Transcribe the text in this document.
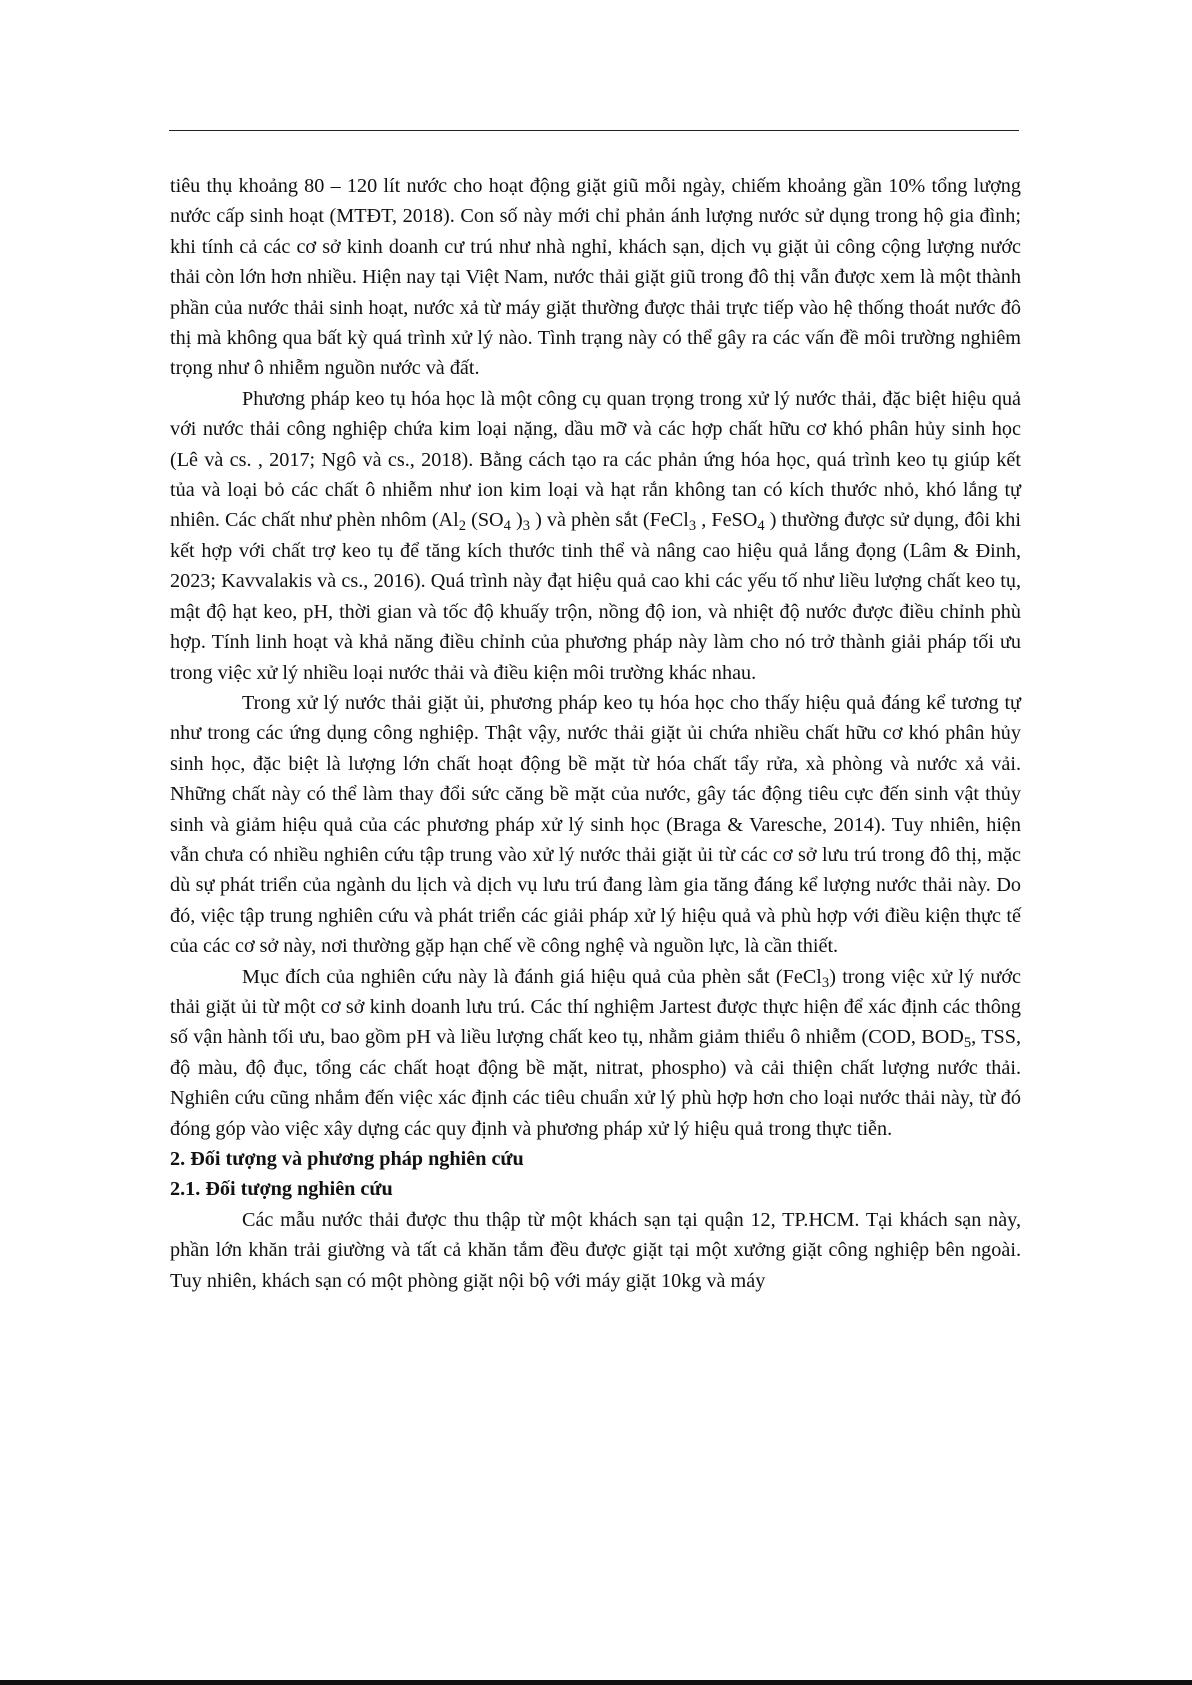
tiêu thụ khoảng 80 – 120 lít nước cho hoạt động giặt giũ mỗi ngày, chiếm khoảng gần 10% tổng lượng nước cấp sinh hoạt (MTĐT, 2018). Con số này mới chỉ phản ánh lượng nước sử dụng trong hộ gia đình; khi tính cả các cơ sở kinh doanh cư trú như nhà nghỉ, khách sạn, dịch vụ giặt ủi công cộng lượng nước thải còn lớn hơn nhiều. Hiện nay tại Việt Nam, nước thải giặt giũ trong đô thị vẫn được xem là một thành phần của nước thải sinh hoạt, nước xả từ máy giặt thường được thải trực tiếp vào hệ thống thoát nước đô thị mà không qua bất kỳ quá trình xử lý nào. Tình trạng này có thể gây ra các vấn đề môi trường nghiêm trọng như ô nhiễm nguồn nước và đất.

Phương pháp keo tụ hóa học là một công cụ quan trọng trong xử lý nước thải, đặc biệt hiệu quả với nước thải công nghiệp chứa kim loại nặng, dầu mỡ và các hợp chất hữu cơ khó phân hủy sinh học (Lê và cs. , 2017; Ngô và cs., 2018). Bằng cách tạo ra các phản ứng hóa học, quá trình keo tụ giúp kết tủa và loại bỏ các chất ô nhiễm như ion kim loại và hạt rắn không tan có kích thước nhỏ, khó lắng tự nhiên. Các chất như phèn nhôm ($Al_2$ ($SO_4$ )$_3$ ) và phèn sắt (FeCl$_3$ , FeSO$_4$ ) thường được sử dụng, đôi khi kết hợp với chất trợ keo tụ để tăng kích thước tinh thể và nâng cao hiệu quả lắng đọng (Lâm & Đinh, 2023; Kavvalakis và cs., 2016). Quá trình này đạt hiệu quả cao khi các yếu tố như liều lượng chất keo tụ, mật độ hạt keo, pH, thời gian và tốc độ khuấy trộn, nồng độ ion, và nhiệt độ nước được điều chỉnh phù hợp. Tính linh hoạt và khả năng điều chỉnh của phương pháp này làm cho nó trở thành giải pháp tối ưu trong việc xử lý nhiều loại nước thải và điều kiện môi trường khác nhau.

Trong xử lý nước thải giặt ủi, phương pháp keo tụ hóa học cho thấy hiệu quả đáng kể tương tự như trong các ứng dụng công nghiệp. Thật vậy, nước thải giặt ủi chứa nhiều chất hữu cơ khó phân hủy sinh học, đặc biệt là lượng lớn chất hoạt động bề mặt từ hóa chất tẩy rửa, xà phòng và nước xả vải. Những chất này có thể làm thay đổi sức căng bề mặt của nước, gây tác động tiêu cực đến sinh vật thủy sinh và giảm hiệu quả của các phương pháp xử lý sinh học (Braga & Varesche, 2014). Tuy nhiên, hiện vẫn chưa có nhiều nghiên cứu tập trung vào xử lý nước thải giặt ủi từ các cơ sở lưu trú trong đô thị, mặc dù sự phát triển của ngành du lịch và dịch vụ lưu trú đang làm gia tăng đáng kể lượng nước thải này. Do đó, việc tập trung nghiên cứu và phát triển các giải pháp xử lý hiệu quả và phù hợp với điều kiện thực tế của các cơ sở này, nơi thường gặp hạn chế về công nghệ và nguồn lực, là cần thiết.

Mục đích của nghiên cứu này là đánh giá hiệu quả của phèn sắt (FeCl$_3$) trong việc xử lý nước thải giặt ủi từ một cơ sở kinh doanh lưu trú. Các thí nghiệm Jartest được thực hiện để xác định các thông số vận hành tối ưu, bao gồm pH và liều lượng chất keo tụ, nhằm giảm thiểu ô nhiễm (COD, $BOD_5$, TSS, độ màu, độ đục, tổng các chất hoạt động bề mặt, nitrat, phospho) và cải thiện chất lượng nước thải. Nghiên cứu cũng nhắm đến việc xác định các tiêu chuẩn xử lý phù hợp hơn cho loại nước thải này, từ đó đóng góp vào việc xây dựng các quy định và phương pháp xử lý hiệu quả trong thực tiễn.

2. Đối tượng và phương pháp nghiên cứu
2.1. Đối tượng nghiên cứu

Các mẫu nước thải được thu thập từ một khách sạn tại quận 12, TP.HCM. Tại khách sạn này, phần lớn khăn trải giường và tất cả khăn tắm đều được giặt tại một xưởng giặt công nghiệp bên ngoài. Tuy nhiên, khách sạn có một phòng giặt nội bộ với máy giặt 10kg và máy
